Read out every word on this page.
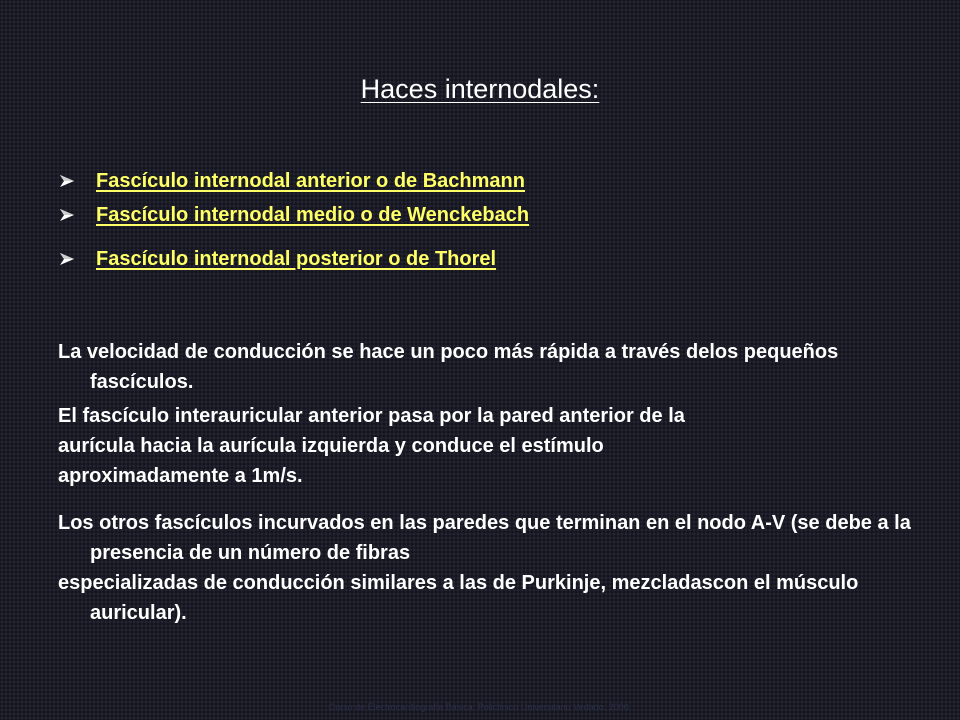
Haces internodales:
Fascículo internodal anterior o de Bachmann
Fascículo internodal medio o de Wenckebach
Fascículo internodal posterior o de Thorel

La velocidad de conducción se hace un poco más rápida a través delos pequeños fascículos.

El fascículo interauricular anterior pasa por la pared anterior de la
aurícula hacia la aurícula izquierda y conduce el estímulo
aproximadamente a 1m/s.

Los otros fascículos incurvados en las paredes que terminan en el nodo A-V (se debe a la presencia de un número de fibras

especializadas de conducción similares a las de Purkinje, mezcladascon el músculo auricular).

Curso de Electrocardiografía Básica. Policlínico Universitario Vedado. 2006.
